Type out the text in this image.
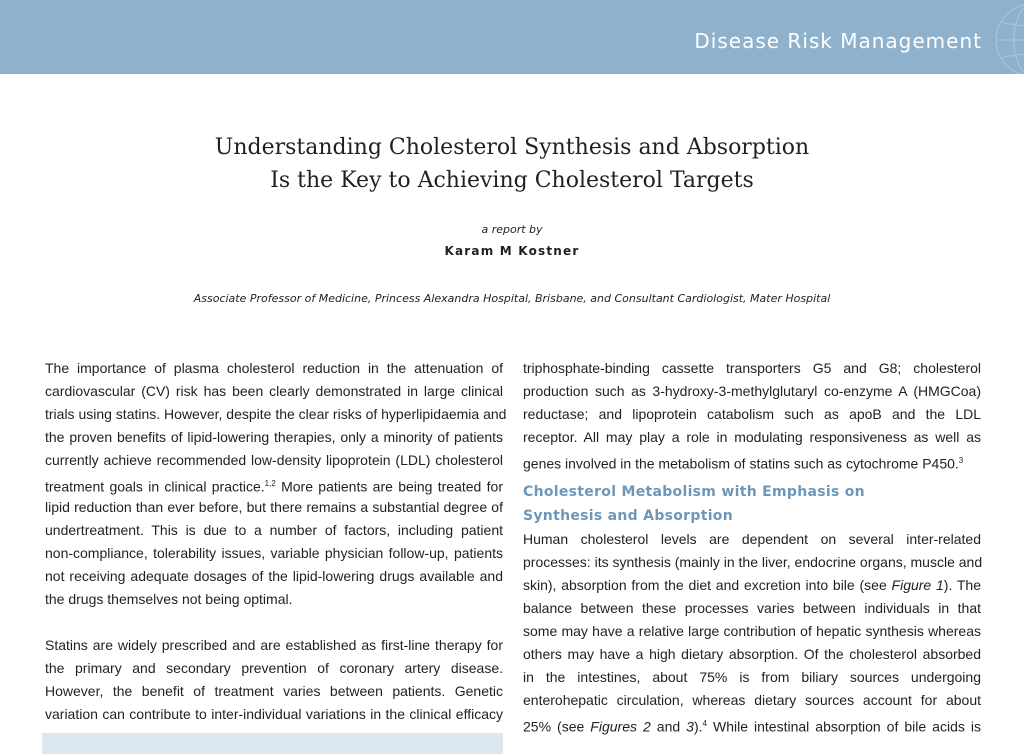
Disease Risk Management
Understanding Cholesterol Synthesis and Absorption
Is the Key to Achieving Cholesterol Targets
a report by
Karam M Kostner
Associate Professor of Medicine, Princess Alexandra Hospital, Brisbane, and Consultant Cardiologist, Mater Hospital
The importance of plasma cholesterol reduction in the attenuation of
cardiovascular (CV) risk has been clearly demonstrated in large clinical
trials using statins. However, despite the clear risks of hyperlipidaemia and
the proven benefits of lipid-lowering therapies, only a minority of patients
currently achieve recommended low-density lipoprotein (LDL) cholesterol
treatment goals in clinical practice.$^{1,2}$ More patients are being treated for
lipid reduction than ever before, but there remains a substantial degree of
undertreatment. This is due to a number of factors, including patient
non-compliance, tolerability issues, variable physician follow-up, patients
not receiving adequate dosages of the lipid-lowering drugs available and
the drugs themselves not being optimal.
Statins are widely prescribed and are established as first-line therapy for
the primary and secondary prevention of coronary artery disease.
However, the benefit of treatment varies between patients. Genetic
variation can contribute to inter-individual variations in the clinical efficacy
triphosphate-binding cassette transporters G5 and G8; cholesterol
production such as 3-hydroxy-3-methylglutaryl co-enzyme A (HMGCoa)
reductase; and lipoprotein catabolism such as apoB and the LDL
receptor. All may play a role in modulating responsiveness as well as
genes involved in the metabolism of statins such as cytochrome P450.$^3$
Cholesterol Metabolism with Emphasis on
Synthesis and Absorption
Human cholesterol levels are dependent on several inter-related
processes: its synthesis (mainly in the liver, endocrine organs, muscle and
skin), absorption from the diet and excretion into bile (see Figure 1). The
balance between these processes varies between individuals in that
some may have a relative large contribution of hepatic synthesis whereas
others may have a high dietary absorption. Of the cholesterol absorbed
in the intestines, about 75% is from biliary sources undergoing
enterohepatic circulation, whereas dietary sources account for about
25% (see Figures 2 and 3).$^4$ While intestinal absorption of bile acids is
